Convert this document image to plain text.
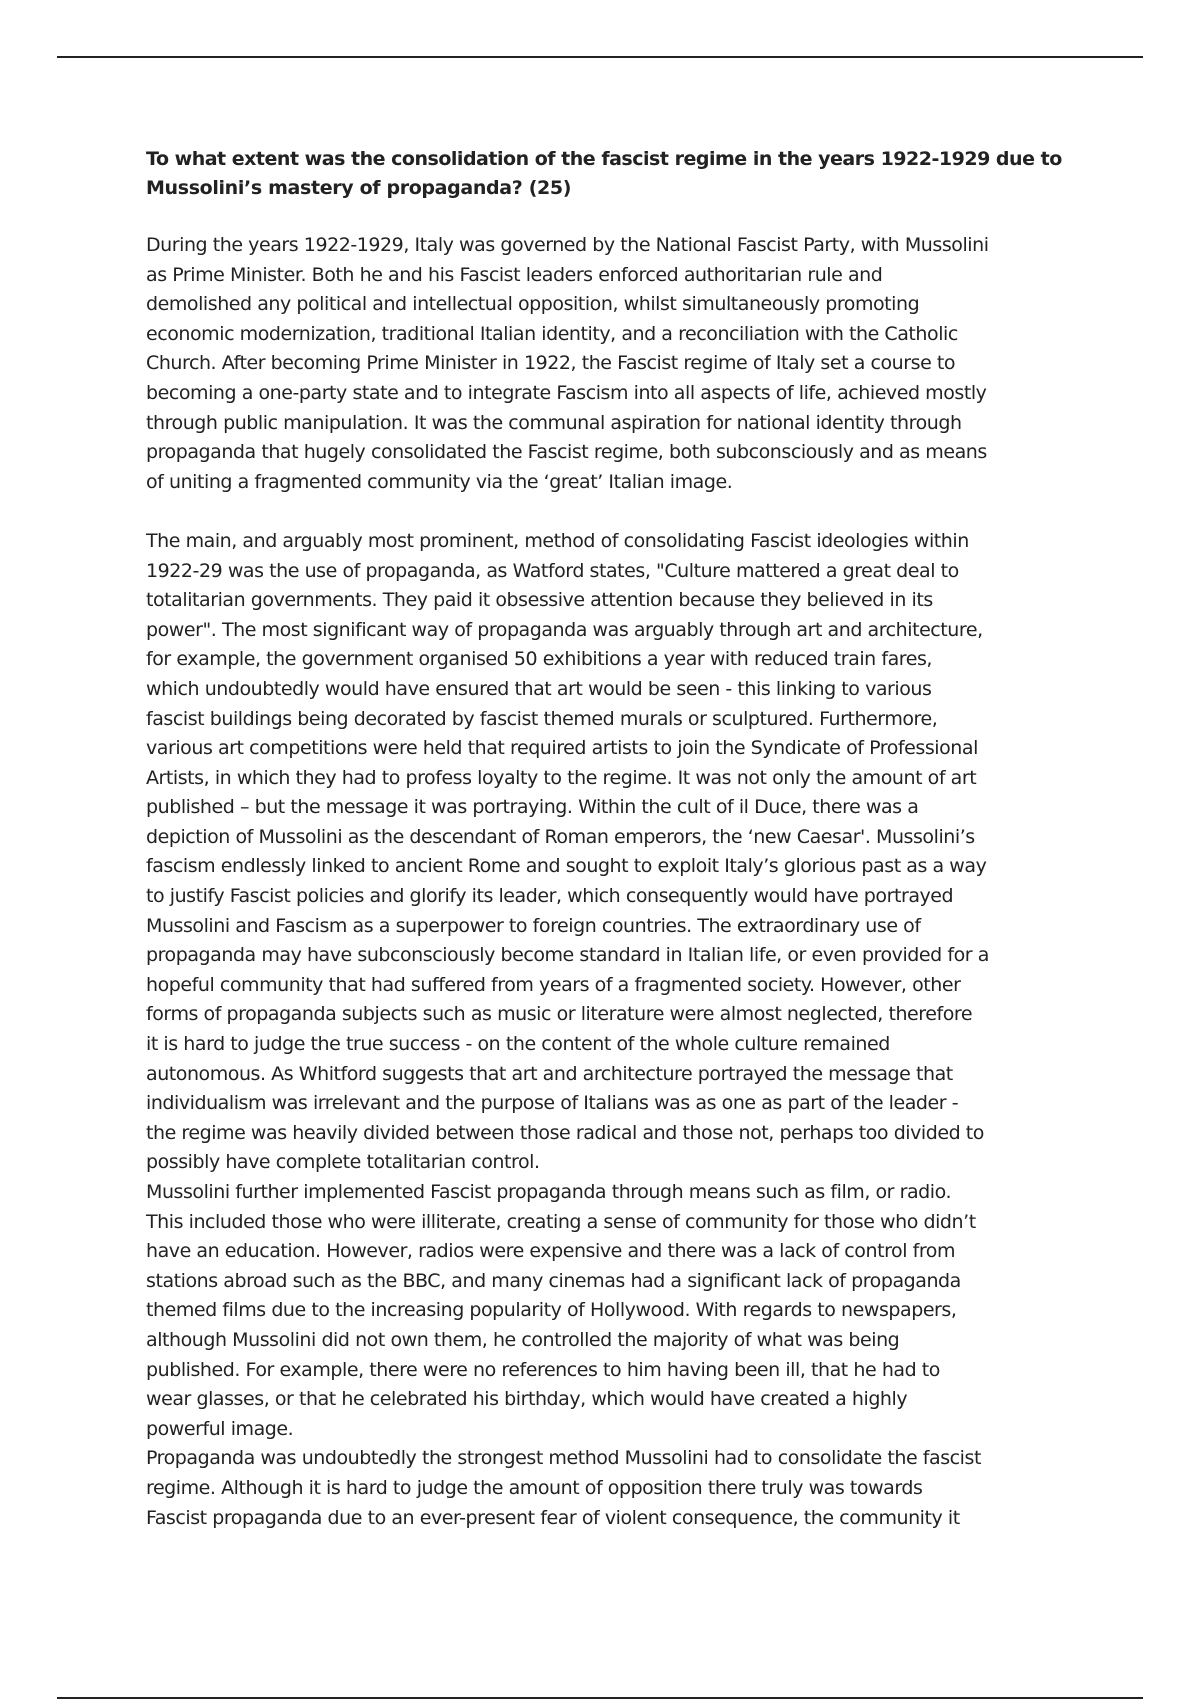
To what extent was the consolidation of the fascist regime in the years 1922-1929 due to
Mussolini’s mastery of propaganda? (25)

During the years 1922-1929, Italy was governed by the National Fascist Party, with Mussolini
as Prime Minister. Both he and his Fascist leaders enforced authoritarian rule and
demolished any political and intellectual opposition, whilst simultaneously promoting
economic modernization, traditional Italian identity, and a reconciliation with the Catholic
Church. After becoming Prime Minister in 1922, the Fascist regime of Italy set a course to
becoming a one-party state and to integrate Fascism into all aspects of life, achieved mostly
through public manipulation. It was the communal aspiration for national identity through
propaganda that hugely consolidated the Fascist regime, both subconsciously and as means
of uniting a fragmented community via the ‘great’ Italian image.

The main, and arguably most prominent, method of consolidating Fascist ideologies within
1922-29 was the use of propaganda, as Watford states, "Culture mattered a great deal to
totalitarian governments. They paid it obsessive attention because they believed in its
power". The most significant way of propaganda was arguably through art and architecture,
for example, the government organised 50 exhibitions a year with reduced train fares,
which undoubtedly would have ensured that art would be seen - this linking to various
fascist buildings being decorated by fascist themed murals or sculptured. Furthermore,
various art competitions were held that required artists to join the Syndicate of Professional
Artists, in which they had to profess loyalty to the regime. It was not only the amount of art
published – but the message it was portraying. Within the cult of il Duce, there was a
depiction of Mussolini as the descendant of Roman emperors, the ‘new Caesar'. Mussolini’s
fascism endlessly linked to ancient Rome and sought to exploit Italy’s glorious past as a way
to justify Fascist policies and glorify its leader, which consequently would have portrayed
Mussolini and Fascism as a superpower to foreign countries. The extraordinary use of
propaganda may have subconsciously become standard in Italian life, or even provided for a
hopeful community that had suffered from years of a fragmented society. However, other
forms of propaganda subjects such as music or literature were almost neglected, therefore
it is hard to judge the true success - on the content of the whole culture remained
autonomous. As Whitford suggests that art and architecture portrayed the message that
individualism was irrelevant and the purpose of Italians was as one as part of the leader -
the regime was heavily divided between those radical and those not, perhaps too divided to
possibly have complete totalitarian control.

Mussolini further implemented Fascist propaganda through means such as film, or radio.
This included those who were illiterate, creating a sense of community for those who didn’t
have an education. However, radios were expensive and there was a lack of control from
stations abroad such as the BBC, and many cinemas had a significant lack of propaganda
themed films due to the increasing popularity of Hollywood. With regards to newspapers,
although Mussolini did not own them, he controlled the majority of what was being
published. For example, there were no references to him having been ill, that he had to
wear glasses, or that he celebrated his birthday, which would have created a highly
powerful image.

Propaganda was undoubtedly the strongest method Mussolini had to consolidate the fascist
regime. Although it is hard to judge the amount of opposition there truly was towards
Fascist propaganda due to an ever-present fear of violent consequence, the community it
